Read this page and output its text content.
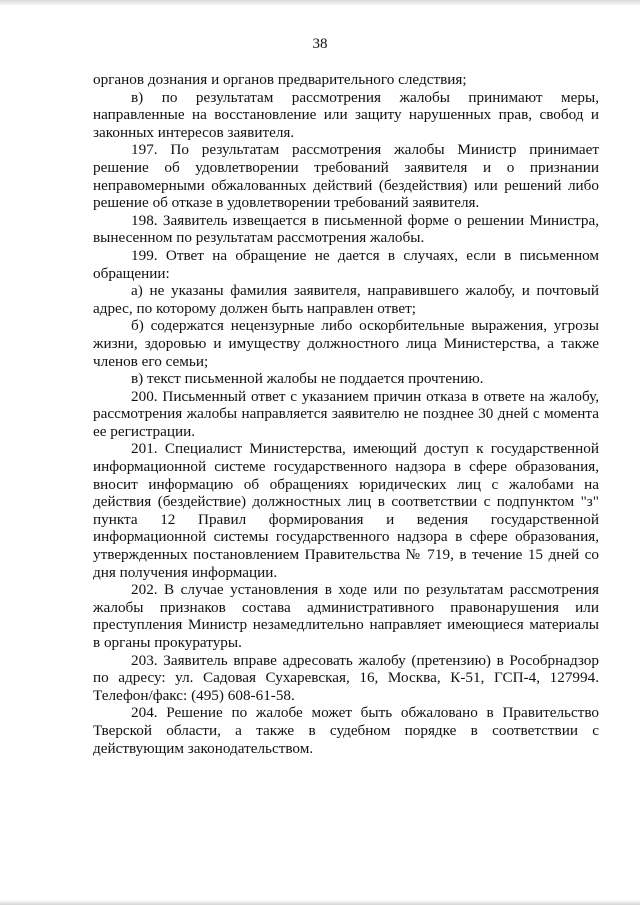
38

органов дознания и органов предварительного следствия;

в) по результатам рассмотрения жалобы принимают меры, направленные на восстановление или защиту нарушенных прав, свобод и законных интересов заявителя.

197. По результатам рассмотрения жалобы Министр принимает решение об удовлетворении требований заявителя и о признании неправомерными обжалованных действий (бездействия) или решений либо решение об отказе в удовлетворении требований заявителя.

198. Заявитель извещается в письменной форме о решении Министра, вынесенном по результатам рассмотрения жалобы.

199. Ответ на обращение не дается в случаях, если в письменном обращении:

а) не указаны фамилия заявителя, направившего жалобу, и почтовый адрес, по которому должен быть направлен ответ;

б) содержатся нецензурные либо оскорбительные выражения, угрозы жизни, здоровью и имуществу должностного лица Министерства, а также членов его семьи;

в) текст письменной жалобы не поддается прочтению.

200. Письменный ответ с указанием причин отказа в ответе на жалобу, рассмотрения жалобы направляется заявителю не позднее 30 дней с момента ее регистрации.

201. Специалист Министерства, имеющий доступ к государственной информационной системе государственного надзора в сфере образования, вносит информацию об обращениях юридических лиц с жалобами на действия (бездействие) должностных лиц в соответствии с подпунктом "з" пункта 12 Правил формирования и ведения государственной информационной системы государственного надзора в сфере образования, утвержденных постановлением Правительства № 719, в течение 15 дней со дня получения информации.

202. В случае установления в ходе или по результатам рассмотрения жалобы признаков состава административного правонарушения или преступления Министр незамедлительно направляет имеющиеся материалы в органы прокуратуры.

203. Заявитель вправе адресовать жалобу (претензию) в Рособрнадзор по адресу: ул. Садовая Сухаревская, 16, Москва, К-51, ГСП-4, 127994. Телефон/факс: (495) 608-61-58.

204. Решение по жалобе может быть обжаловано в Правительство Тверской области, а также в судебном порядке в соответствии с действующим законодательством.
